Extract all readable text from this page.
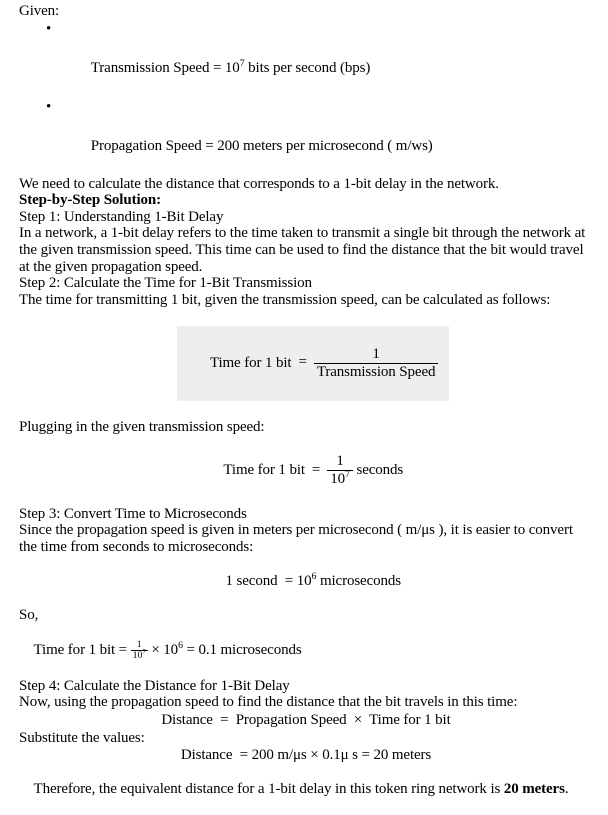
Given:

•

Transmission Speed = $10^7$ bits per second (bps)

•

Propagation Speed = 200 meters per microsecond ( m/ws)

We need to calculate the distance that corresponds to a 1-bit delay in the network.

Step-by-Step Solution:

Step 1: Understanding 1-Bit Delay

In a network, a 1-bit delay refers to the time taken to transmit a single bit through the network at the given transmission speed. This time can be used to find the distance that the bit would travel at the given propagation speed.

Step 2: Calculate the Time for 1-Bit Transmission

The time for transmitting 1 bit, given the transmission speed, can be calculated as follows:

Time for 1 bit = $\frac{1}{\text{Transmission Speed}}$

Plugging in the given transmission speed:

Time for 1 bit = $\frac{1}{10^7}$ seconds

Step 3: Convert Time to Microseconds

Since the propagation speed is given in meters per microsecond ( m/μs ), it is easier to convert the time from seconds to microseconds:

1 second  = $10^6$ microseconds

So,

Time for 1 bit = $\frac{1}{10^7} \times 10^6 = 0.1$ microseconds

Step 4: Calculate the Distance for 1-Bit Delay

Now, using the propagation speed to find the distance that the bit travels in this time:

Distance  =  Propagation Speed  ×  Time for 1 bit

Substitute the values:

Distance  = 200 m/μs × 0.1μ s = 20 meters

Therefore, the equivalent distance for a 1-bit delay in this token ring network is 20 meters.
